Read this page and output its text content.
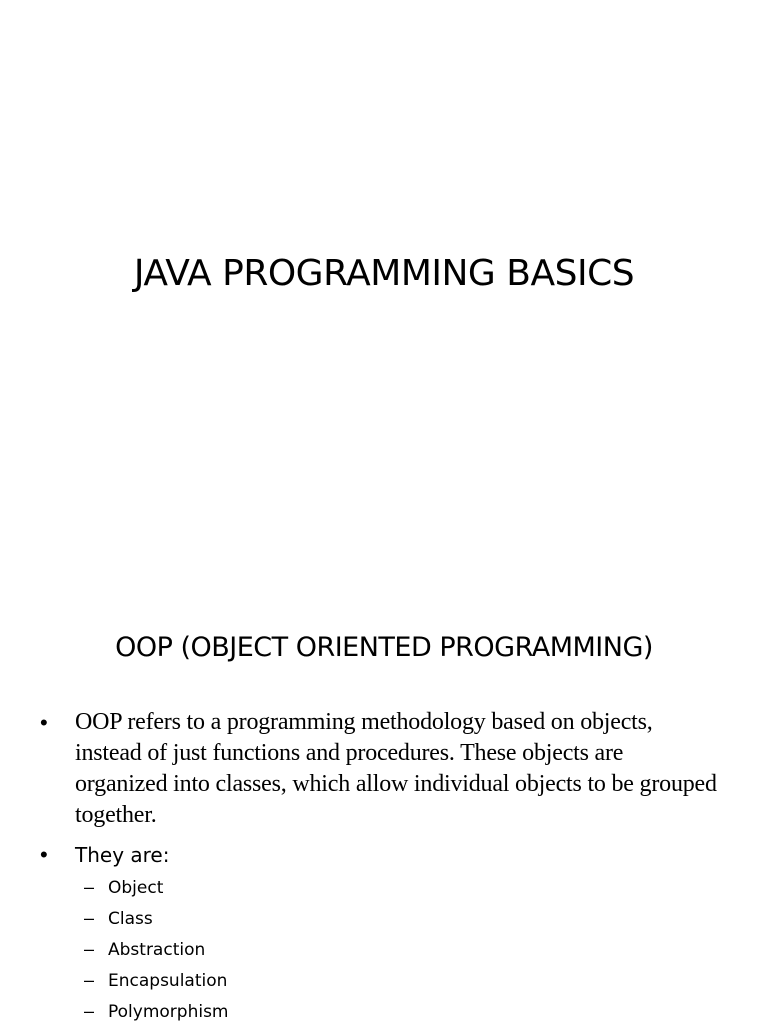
JAVA PROGRAMMING BASICS
OOP (OBJECT ORIENTED PROGRAMMING)
•	OOP refers to a programming methodology based on objects, instead of just functions and procedures. These objects are organized into classes, which allow individual objects to be grouped together.
•	They are:
– Object
– Class
– Abstraction
– Encapsulation
– Polymorphism
